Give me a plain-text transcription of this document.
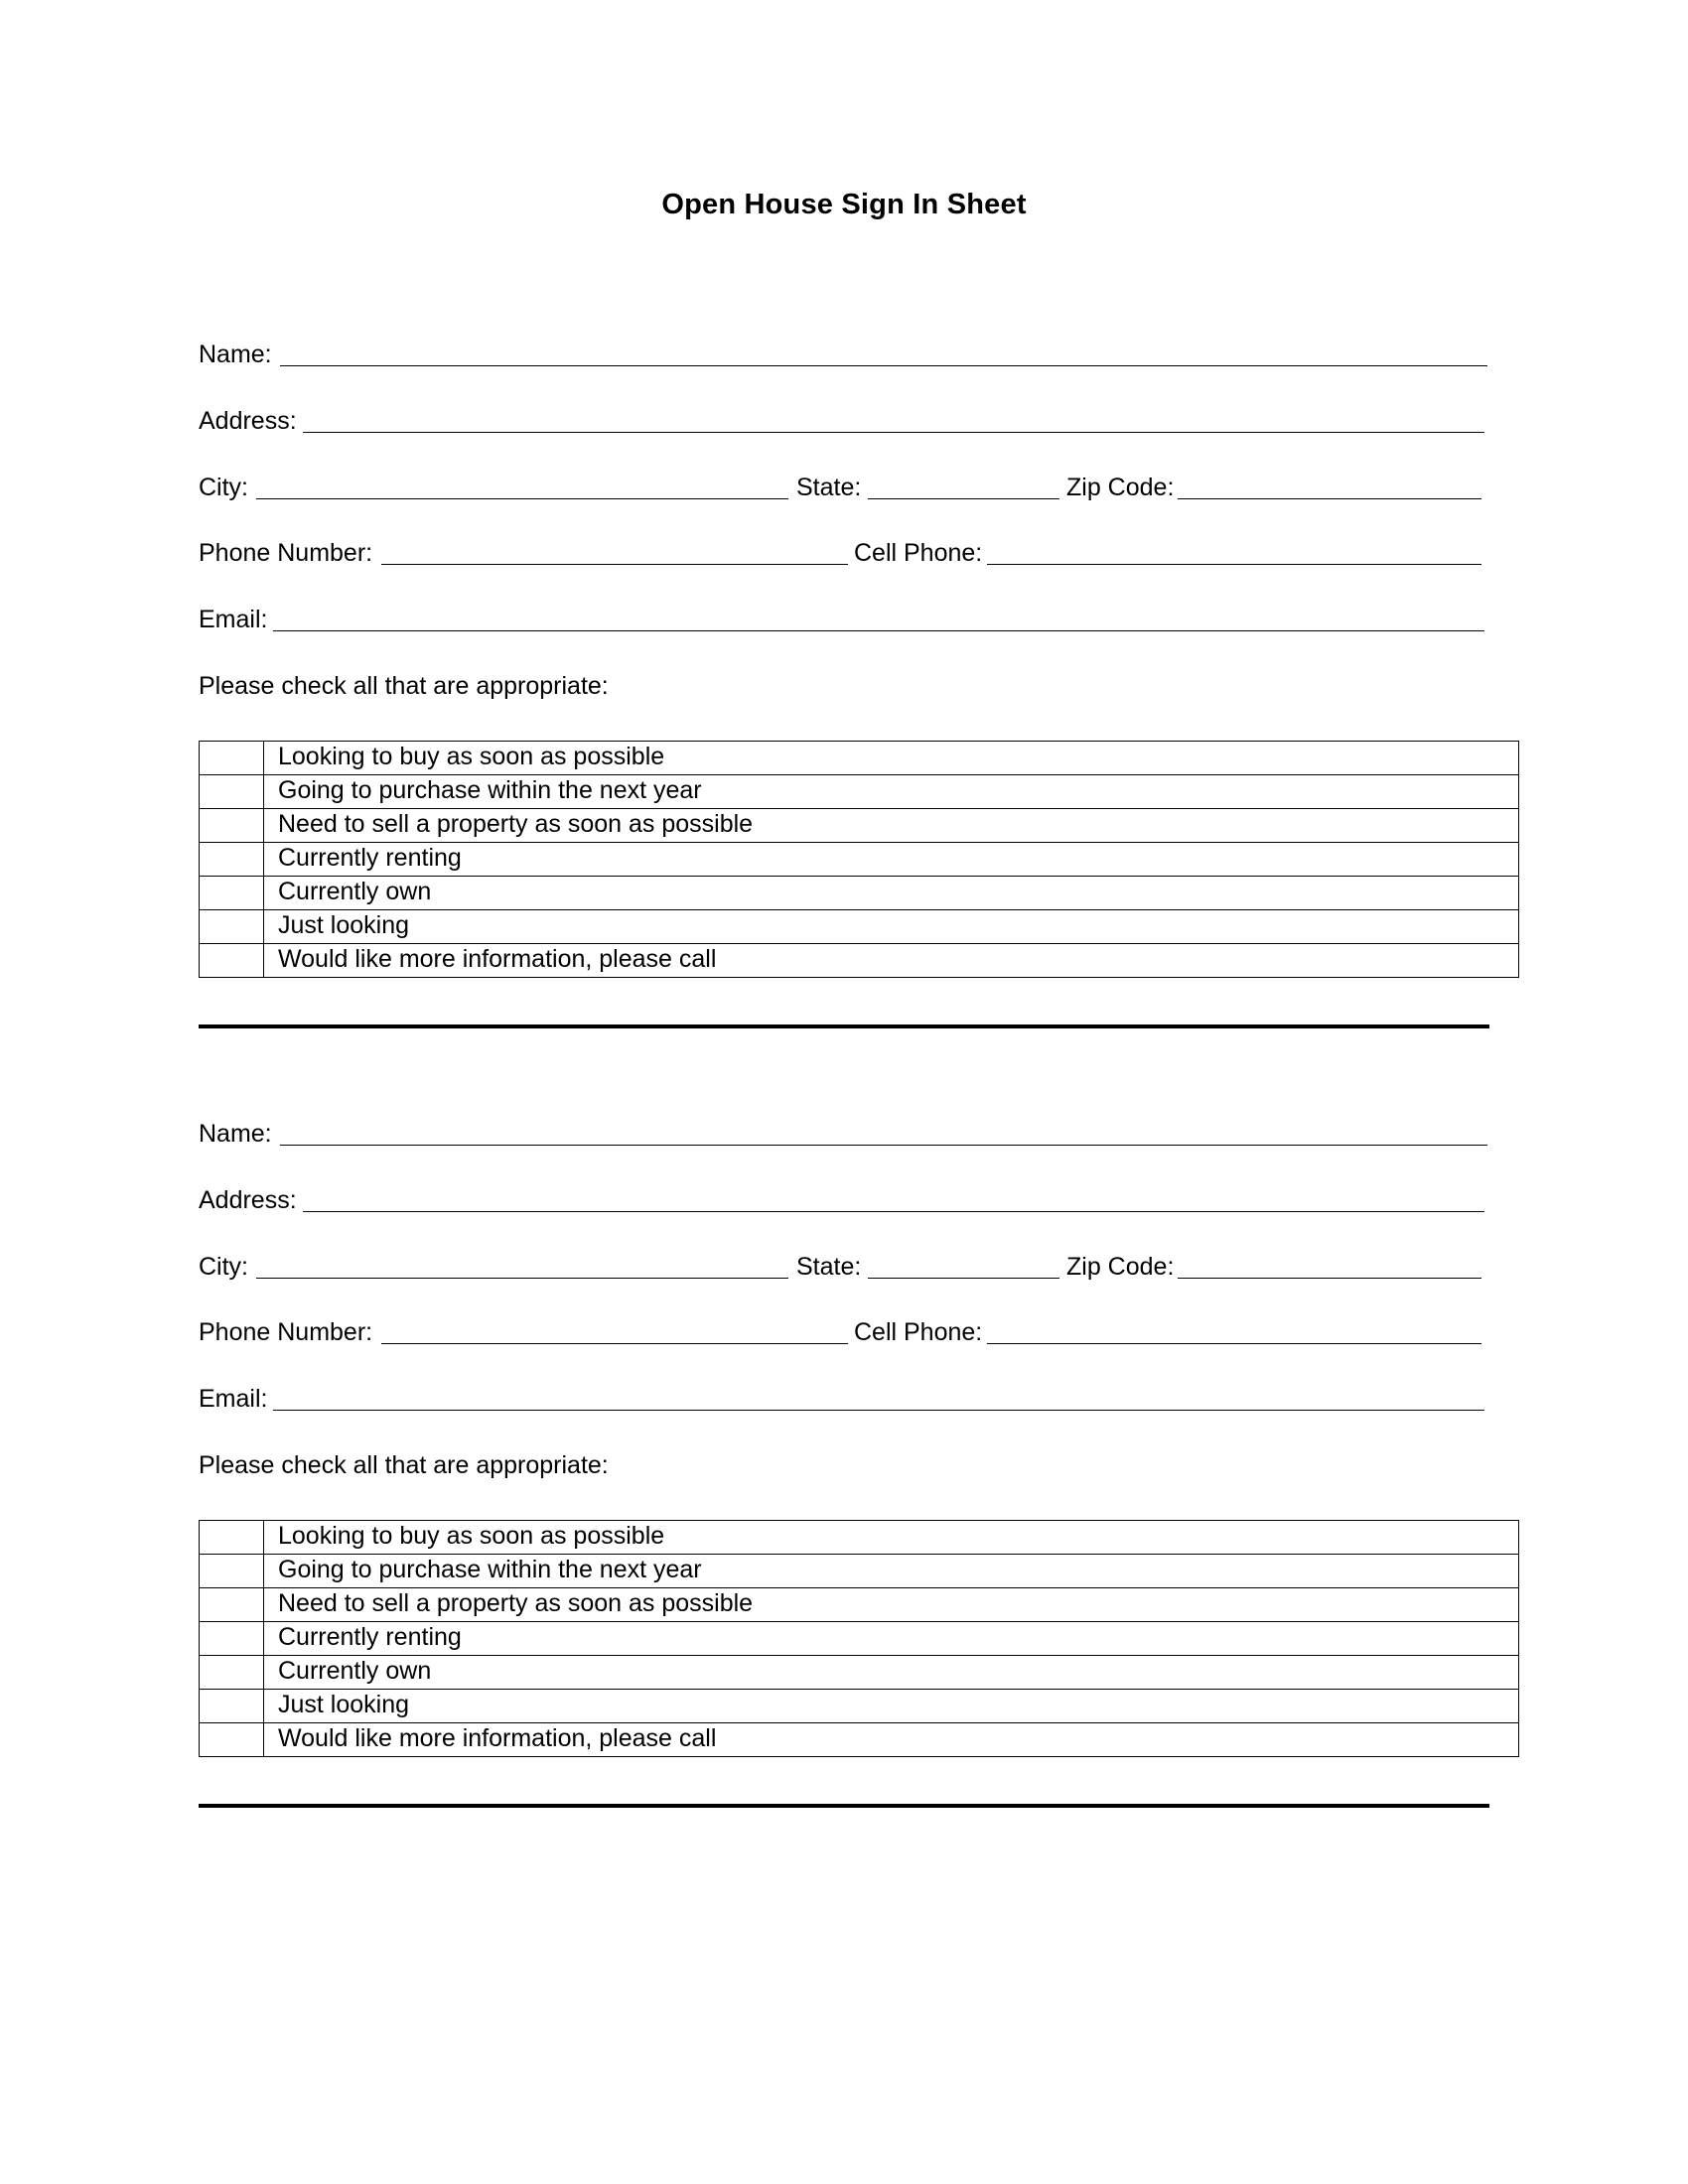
Open House Sign In Sheet
Name:
Address:
City:	State:	Zip Code:
Phone Number:	Cell Phone:
Email:
Please check all that are appropriate:
	Looking to buy as soon as possible
	Going to purchase within the next year
	Need to sell a property as soon as possible
	Currently renting
	Currently own
	Just looking
	Would like more information, please call
Name:
Address:
City:	State:	Zip Code:
Phone Number:	Cell Phone:
Email:
Please check all that are appropriate:
	Looking to buy as soon as possible
	Going to purchase within the next year
	Need to sell a property as soon as possible
	Currently renting
	Currently own
	Just looking
	Would like more information, please call
